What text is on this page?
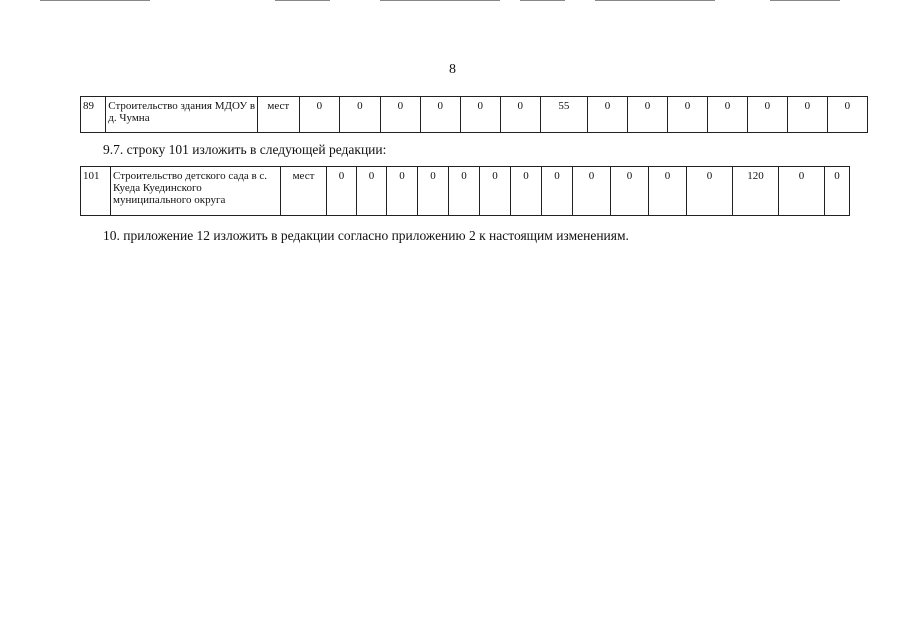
8
89	Строительство здания МДОУ в д. Чумна	мест	0	0	0	0	0	0	55	0	0	0	0	0	0	0
9.7. строку 101 изложить в следующей редакции:
101	Строительство детского сада в с. Куеда Куединского муниципального округа	мест	0	0	0	0	0	0	0	0	0	0	0	0	120	0	0
10. приложение 12 изложить в редакции согласно приложению 2 к настоящим изменениям.
